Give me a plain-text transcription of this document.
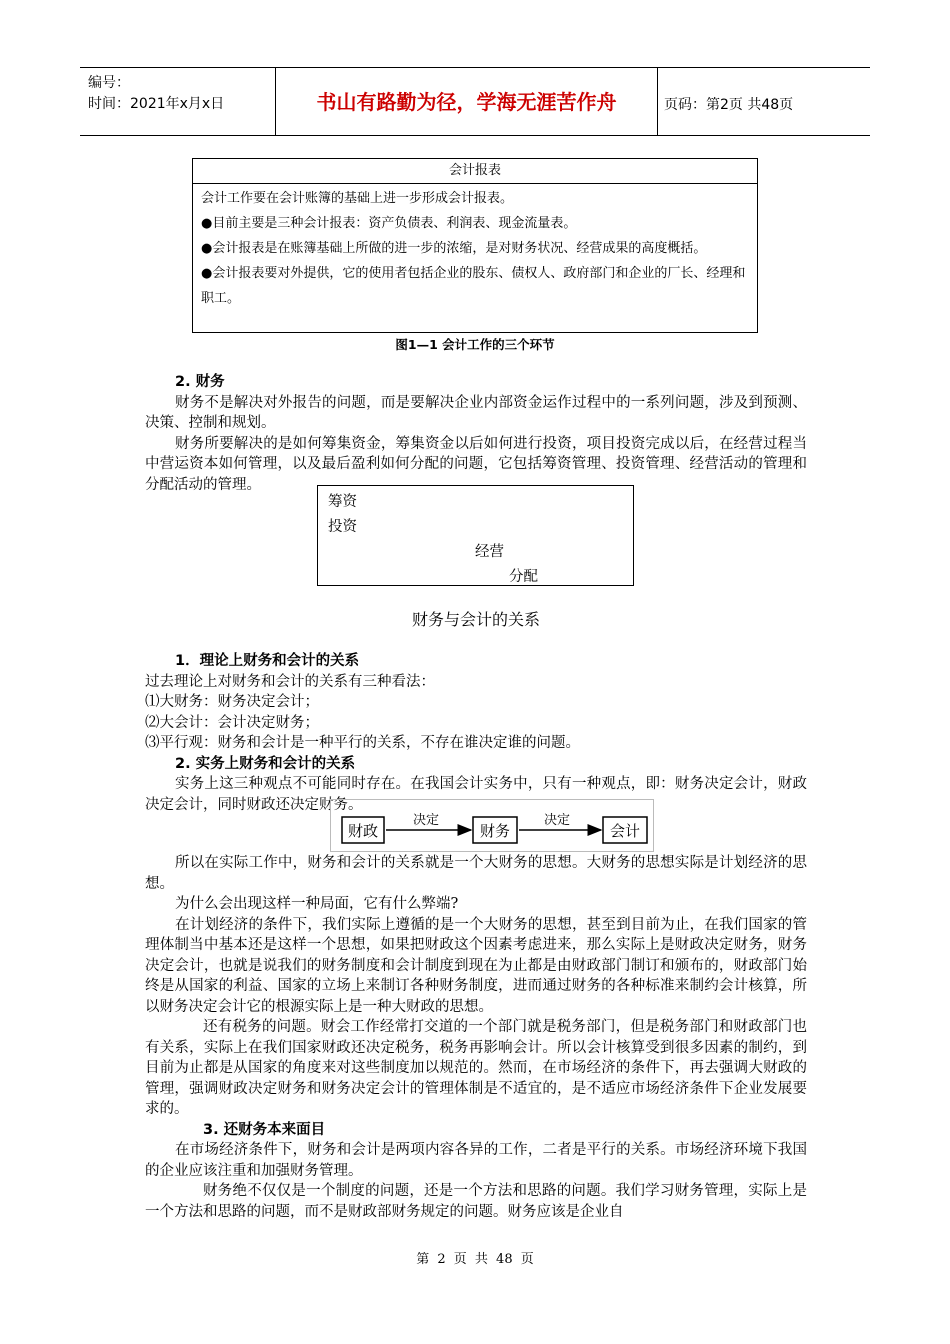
编号：
时间：2021年x月x日	书山有路勤为径，学海无涯苦作舟	页码：第2页 共48页
会计报表
会计工作要在会计账簿的基础上进一步形成会计报表。
●目前主要是三种会计报表：资产负债表、利润表、现金流量表。
●会计报表是在账簿基础上所做的进一步的浓缩，是对财务状况、经营成果的高度概括。
●会计报表要对外提供，它的使用者包括企业的股东、债权人、政府部门和企业的厂长、经理和职工。
图1—1 会计工作的三个环节

2. 财务

财务不是解决对外报告的问题，而是要解决企业内部资金运作过程中的一系列问题，涉及到预测、决策、控制和规划。

财务所要解决的是如何筹集资金，筹集资金以后如何进行投资，项目投资完成以后，在经营过程当中营运资本如何管理，以及最后盈利如何分配的问题，它包括筹资管理、投资管理、经营活动的管理和分配活动的管理。

筹资
投资
经营
分配
财务与会计的关系

1．理论上财务和会计的关系

过去理论上对财务和会计的关系有三种看法：

⑴大财务：财务决定会计；

⑵大会计：会计决定财务；

⑶平行观：财务和会计是一种平行的关系，不存在谁决定谁的问题。

2. 实务上财务和会计的关系

实务上这三种观点不可能同时存在。在我国会计实务中，只有一种观点，即：财务决定会计，财政决定会计，同时财政还决定财务。

财政
决定
财务
决定
会计

所以在实际工作中，财务和会计的关系就是一个大财务的思想。大财务的思想实际是计划经济的思想。

为什么会出现这样一种局面，它有什么弊端?

在计划经济的条件下，我们实际上遵循的是一个大财务的思想，甚至到目前为止，在我们国家的管理体制当中基本还是这样一个思想，如果把财政这个因素考虑进来，那么实际上是财政决定财务，财务决定会计，也就是说我们的财务制度和会计制度到现在为止都是由财政部门制订和颁布的，财政部门始终是从国家的利益、国家的立场上来制订各种财务制度，进而通过财务的各种标准来制约会计核算，所以财务决定会计它的根源实际上是一种大财政的思想。

还有税务的问题。财会工作经常打交道的一个部门就是税务部门，但是税务部门和财政部门也有关系，实际上在我们国家财政还决定税务，税务再影响会计。所以会计核算受到很多因素的制约，到目前为止都是从国家的角度来对这些制度加以规范的。然而，在市场经济的条件下，再去强调大财政的管理，强调财政决定财务和财务决定会计的管理体制是不适宜的，是不适应市场经济条件下企业发展要求的。

3. 还财务本来面目

在市场经济条件下，财务和会计是两项内容各异的工作，二者是平行的关系。市场经济环境下我国的企业应该注重和加强财务管理。

财务绝不仅仅是一个制度的问题，还是一个方法和思路的问题。我们学习财务管理，实际上是一个方法和思路的问题，而不是财政部财务规定的问题。财务应该是企业自

第 2 页 共 48 页
